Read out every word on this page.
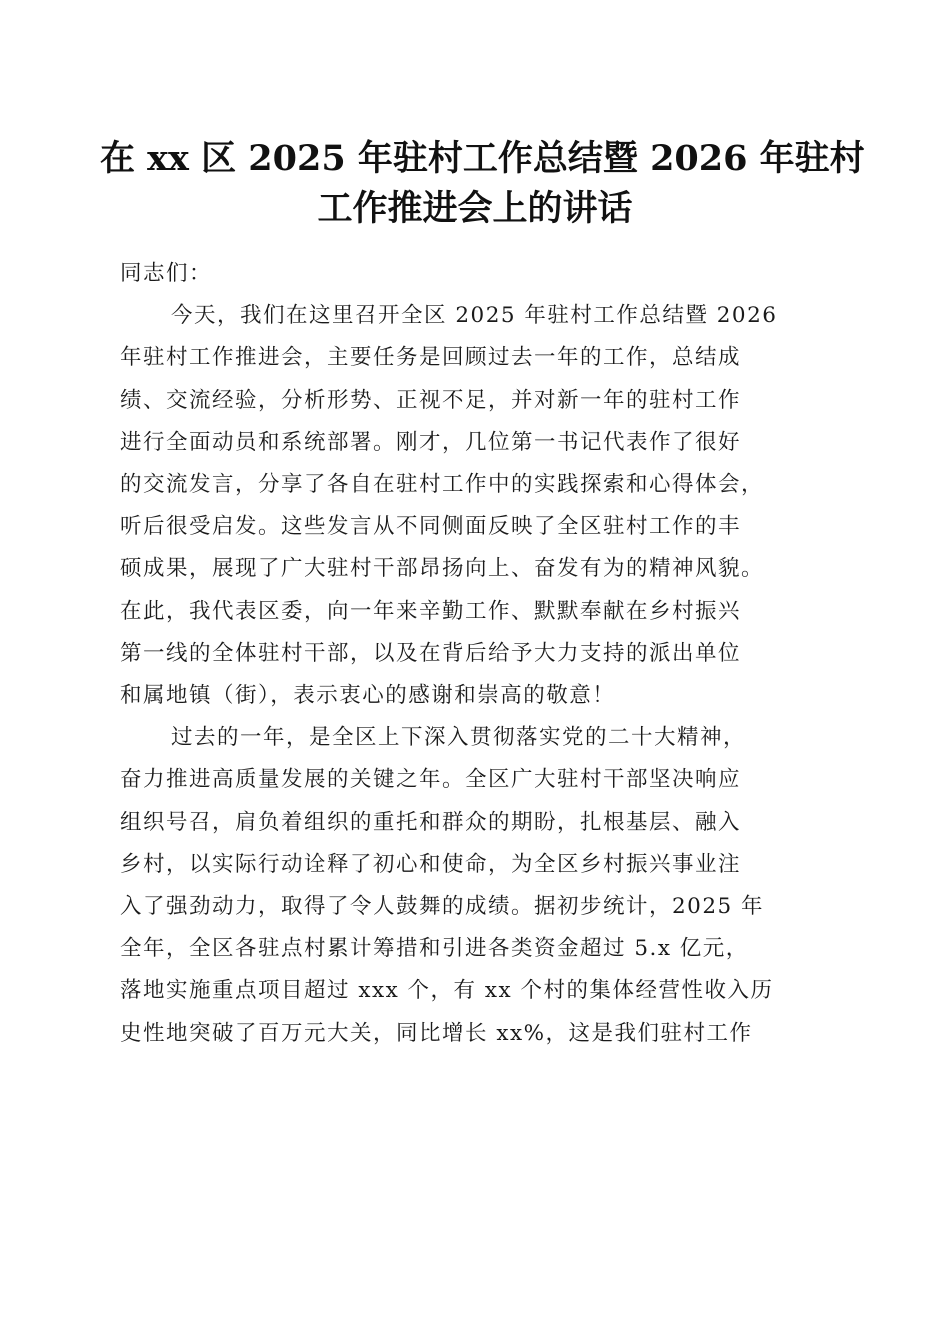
在 xx 区 2025 年驻村工作总结暨 2026 年驻村
工作推进会上的讲话
同志们：
今天，我们在这里召开全区 2025 年驻村工作总结暨 2026
年驻村工作推进会，主要任务是回顾过去一年的工作，总结成
绩、交流经验，分析形势、正视不足，并对新一年的驻村工作
进行全面动员和系统部署。刚才，几位第一书记代表作了很好
的交流发言，分享了各自在驻村工作中的实践探索和心得体会，
听后很受启发。这些发言从不同侧面反映了全区驻村工作的丰
硕成果，展现了广大驻村干部昂扬向上、奋发有为的精神风貌。
在此，我代表区委，向一年来辛勤工作、默默奉献在乡村振兴
第一线的全体驻村干部，以及在背后给予大力支持的派出单位
和属地镇（街），表示衷心的感谢和崇高的敬意！
过去的一年，是全区上下深入贯彻落实党的二十大精神，
奋力推进高质量发展的关键之年。全区广大驻村干部坚决响应
组织号召，肩负着组织的重托和群众的期盼，扎根基层、融入
乡村，以实际行动诠释了初心和使命，为全区乡村振兴事业注
入了强劲动力，取得了令人鼓舞的成绩。据初步统计，2025 年
全年，全区各驻点村累计筹措和引进各类资金超过 5.x 亿元，
落地实施重点项目超过 xxx 个，有 xx 个村的集体经营性收入历
史性地突破了百万元大关，同比增长 xx%，这是我们驻村工作
